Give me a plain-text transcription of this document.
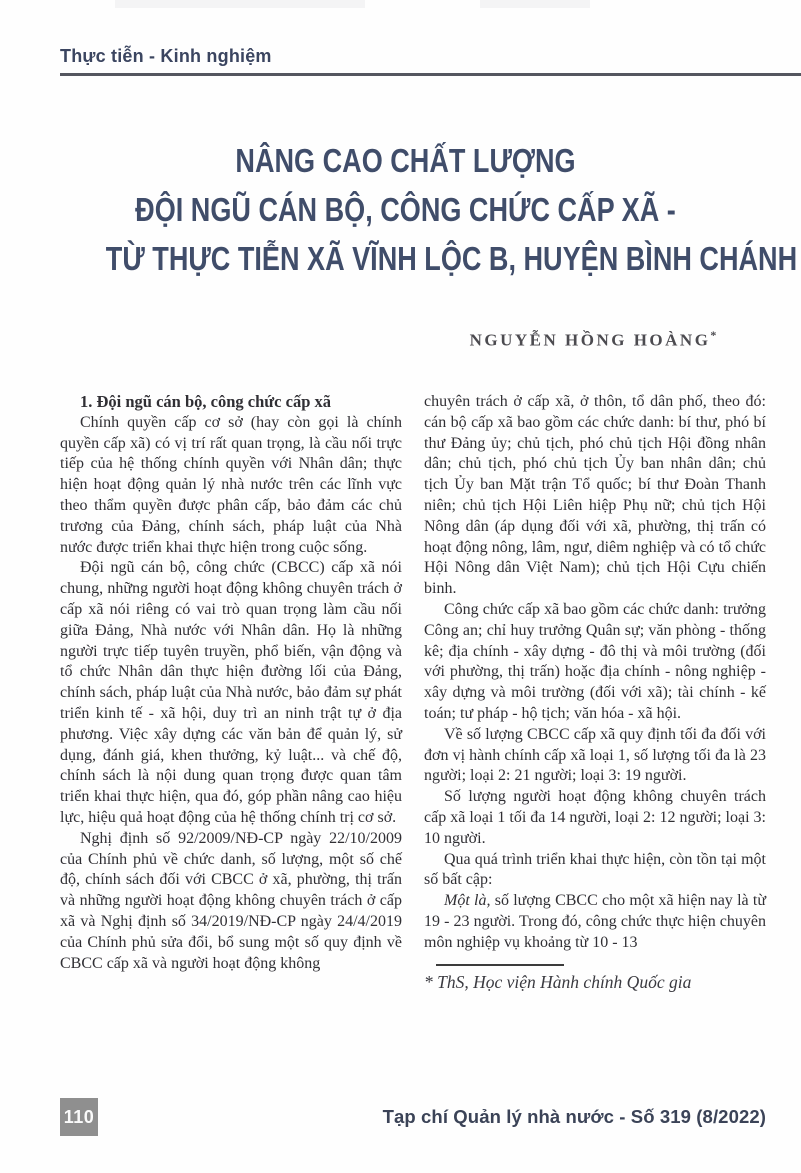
Thực tiễn - Kinh nghiệm
NÂNG CAO CHẤT LƯỢNG
ĐỘI NGŨ CÁN BỘ, CÔNG CHỨC CẤP XÃ -
TỪ THỰC TIỄN XÃ VĨNH LỘC B, HUYỆN BÌNH CHÁNH
NGUYỄN HỒNG HOÀNG*

1. Đội ngũ cán bộ, công chức cấp xã

Chính quyền cấp cơ sở (hay còn gọi là chính quyền cấp xã) có vị trí rất quan trọng, là cầu nối trực tiếp của hệ thống chính quyền với Nhân dân; thực hiện hoạt động quản lý nhà nước trên các lĩnh vực theo thẩm quyền được phân cấp, bảo đảm các chủ trương của Đảng, chính sách, pháp luật của Nhà nước được triển khai thực hiện trong cuộc sống.

Đội ngũ cán bộ, công chức (CBCC) cấp xã nói chung, những người hoạt động không chuyên trách ở cấp xã nói riêng có vai trò quan trọng làm cầu nối giữa Đảng, Nhà nước với Nhân dân. Họ là những người trực tiếp tuyên truyền, phổ biến, vận động và tổ chức Nhân dân thực hiện đường lối của Đảng, chính sách, pháp luật của Nhà nước, bảo đảm sự phát triển kinh tế - xã hội, duy trì an ninh trật tự ở địa phương. Việc xây dựng các văn bản để quản lý, sử dụng, đánh giá, khen thưởng, kỷ luật... và chế độ, chính sách là nội dung quan trọng được quan tâm triển khai thực hiện, qua đó, góp phần nâng cao hiệu lực, hiệu quả hoạt động của hệ thống chính trị cơ sở.

Nghị định số 92/2009/NĐ-CP ngày 22/10/2009 của Chính phủ về chức danh, số lượng, một số chế độ, chính sách đối với CBCC ở xã, phường, thị trấn và những người hoạt động không chuyên trách ở cấp xã và Nghị định số 34/2019/NĐ-CP ngày 24/4/2019 của Chính phủ sửa đổi, bổ sung một số quy định về CBCC cấp xã và người hoạt động không

chuyên trách ở cấp xã, ở thôn, tổ dân phố, theo đó: cán bộ cấp xã bao gồm các chức danh: bí thư, phó bí thư Đảng ủy; chủ tịch, phó chủ tịch Hội đồng nhân dân; chủ tịch, phó chủ tịch Ủy ban nhân dân; chủ tịch Ủy ban Mặt trận Tổ quốc; bí thư Đoàn Thanh niên; chủ tịch Hội Liên hiệp Phụ nữ; chủ tịch Hội Nông dân (áp dụng đối với xã, phường, thị trấn có hoạt động nông, lâm, ngư, diêm nghiệp và có tổ chức Hội Nông dân Việt Nam); chủ tịch Hội Cựu chiến binh.

Công chức cấp xã bao gồm các chức danh: trưởng Công an; chỉ huy trưởng Quân sự; văn phòng - thống kê; địa chính - xây dựng - đô thị và môi trường (đối với phường, thị trấn) hoặc địa chính - nông nghiệp - xây dựng và môi trường (đối với xã); tài chính - kế toán; tư pháp - hộ tịch; văn hóa - xã hội.

Về số lượng CBCC cấp xã quy định tối đa đối với đơn vị hành chính cấp xã loại 1, số lượng tối đa là 23 người; loại 2: 21 người; loại 3: 19 người.

Số lượng người hoạt động không chuyên trách cấp xã loại 1 tối đa 14 người, loại 2: 12 người; loại 3: 10 người.

Qua quá trình triển khai thực hiện, còn tồn tại một số bất cập:

Một là, số lượng CBCC cho một xã hiện nay là từ 19 - 23 người. Trong đó, công chức thực hiện chuyên môn nghiệp vụ khoảng từ 10 - 13

* ThS, Học viện Hành chính Quốc gia

110	Tạp chí Quản lý nhà nước - Số 319 (8/2022)
